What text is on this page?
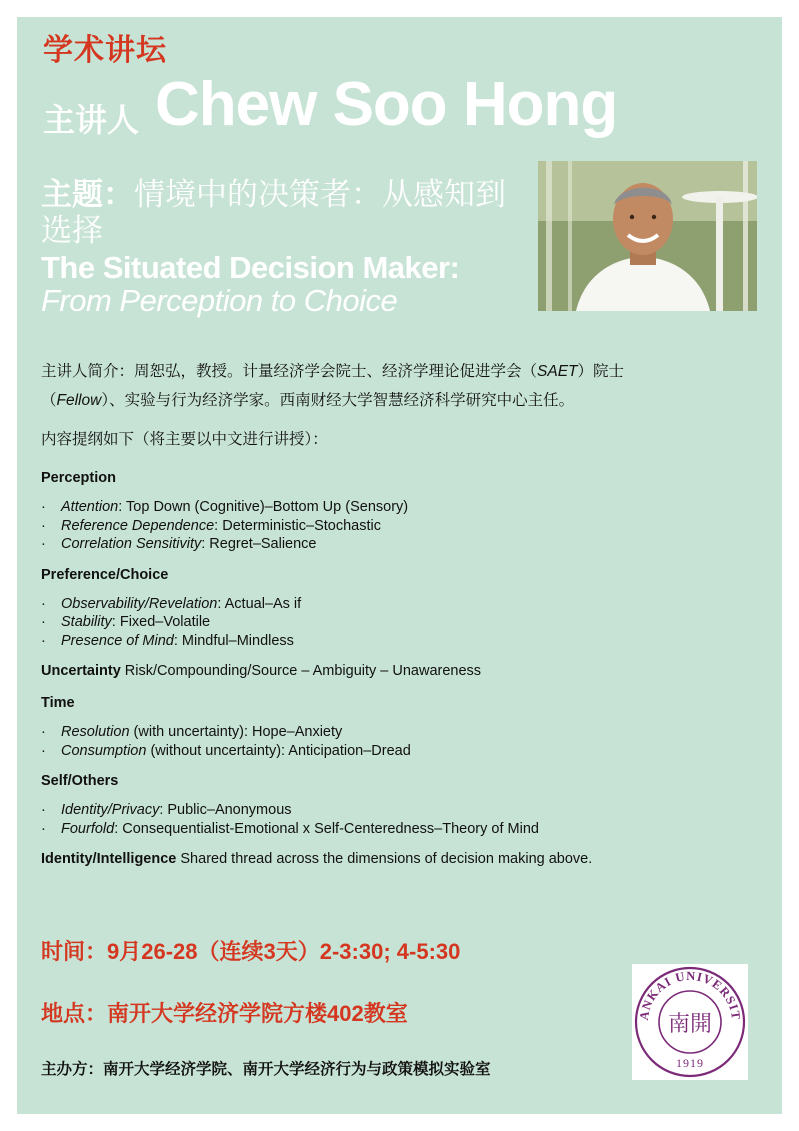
学术讲坛
主讲人 Chew Soo Hong
主题：情境中的决策者：从感知到选择
The Situated Decision Maker:
From Perception to Choice
主讲人简介：周恕弘，教授。计量经济学会院士、经济学理论促进学会（SAET）院士
（Fellow）、实验与行为经济学家。西南财经大学智慧经济科学研究中心主任。
内容提纲如下（将主要以中文进行讲授）：
Perception
· Attention: Top Down (Cognitive)–Bottom Up (Sensory)
· Reference Dependence: Deterministic–Stochastic
· Correlation Sensitivity: Regret–Salience
Preference/Choice
· Observability/Revelation: Actual–As if
· Stability: Fixed–Volatile
· Presence of Mind: Mindful–Mindless
Uncertainty Risk/Compounding/Source – Ambiguity – Unawareness
Time
· Resolution (with uncertainty): Hope–Anxiety
· Consumption (without uncertainty): Anticipation–Dread
Self/Others
· Identity/Privacy: Public–Anonymous
· Fourfold: Consequentialist-Emotional x Self-Centeredness–Theory of Mind
Identity/Intelligence Shared thread across the dimensions of decision making above.
时间：9月26-28（连续3天）2-3:30; 4-5:30
地点：南开大学经济学院方楼402教室
主办方：南开大学经济学院、南开大学经济行为与政策模拟实验室
ANKAI UNIVERSIT
南開
1919
